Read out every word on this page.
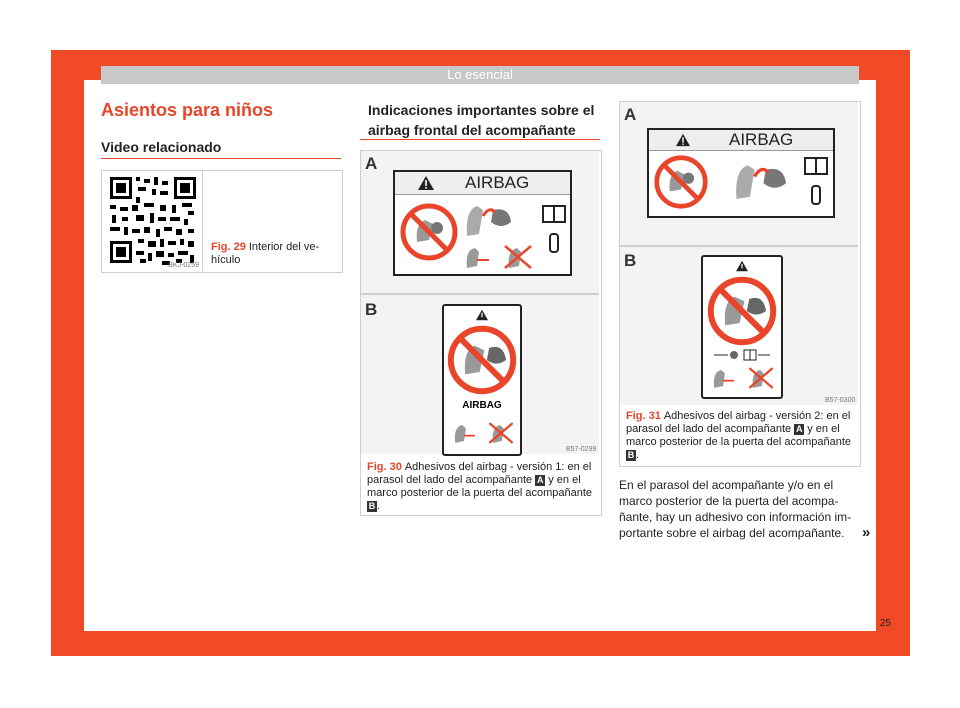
Lo esencial
Asientos para niños
Video relacionado
BKJ-0259
Fig. 29 Interior del ve-
hículo
Indicaciones importantes sobre el
airbag frontal del acompañante
A
AIRBAG
B
AIRBAG
B57-0299
Fig. 30 Adhesivos del airbag - versión 1: en el
parasol del lado del acompañante A y en el
marco posterior de la puerta del acompañante
B .
A
AIRBAG
B
B57-0300
Fig. 31 Adhesivos del airbag - versión 2: en el
parasol del lado del acompañante A y en el
marco posterior de la puerta del acompañante
B .
En el parasol del acompañante y/o en el
marco posterior de la puerta del acompa-
ñante, hay un adhesivo con información im-
portante sobre el airbag del acompañante.	»
25
